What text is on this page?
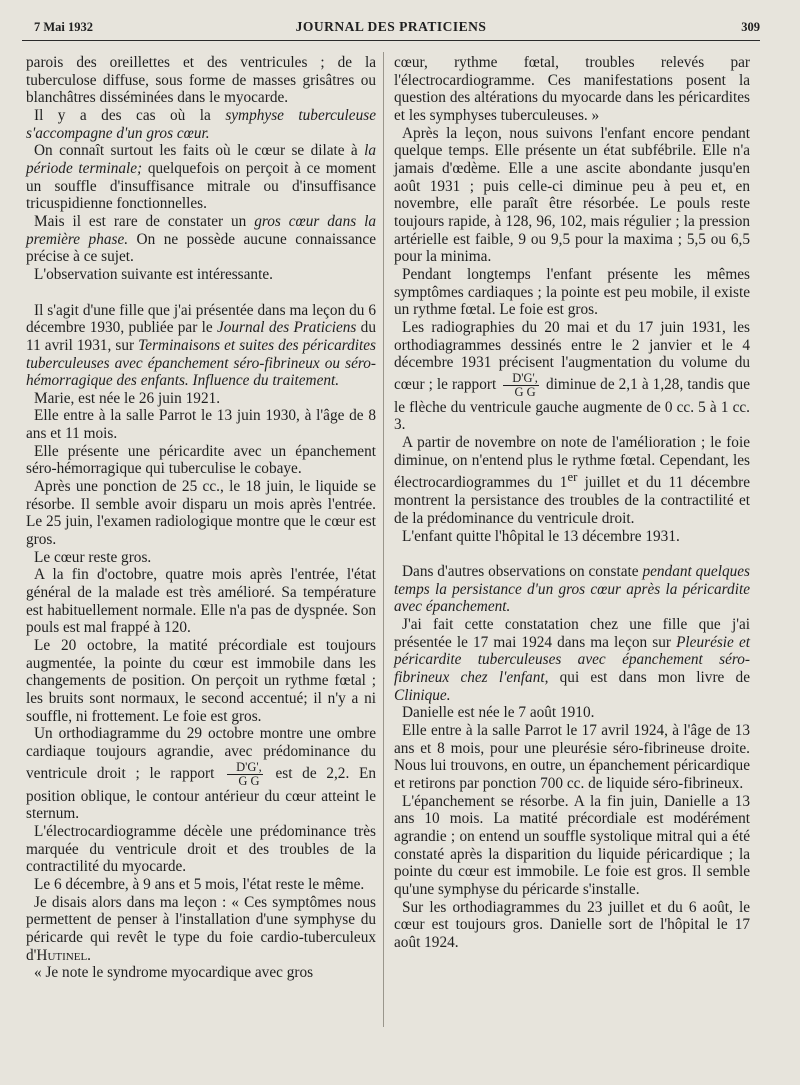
7 Mai 1932	JOURNAL DES PRATICIENS	309

parois des oreillettes et des ventricules ; de la tuberculose diffuse, sous forme de masses grisâtres ou blanchâtres disséminées dans le myocarde.

Il y a des cas où la symphyse tuberculeuse s'accompagne d'un gros cœur.

On connaît surtout les faits où le cœur se dilate à la période terminale; quelquefois on perçoit à ce moment un souffle d'insuffisance mitrale ou d'insuffisance tricuspidienne fonctionnelles.

Mais il est rare de constater un gros cœur dans la première phase. On ne possède aucune connaissance précise à ce sujet.

L'observation suivante est intéressante.

Il s'agit d'une fille que j'ai présentée dans ma leçon du 6 décembre 1930, publiée par le Journal des Praticiens du 11 avril 1931, sur Terminaisons et suites des péricardites tuberculeuses avec épanchement séro-fibrineux ou séro-hémorragique des enfants. Influence du traitement.

Marie, est née le 26 juin 1921.

Elle entre à la salle Parrot le 13 juin 1930, à l'âge de 8 ans et 11 mois.

Elle présente une péricardite avec un épanchement séro-hémorragique qui tuberculise le cobaye.

Après une ponction de 25 cc., le 18 juin, le liquide se résorbe. Il semble avoir disparu un mois après l'entrée. Le 25 juin, l'examen radiologique montre que le cœur est gros.

Le cœur reste gros.

A la fin d'octobre, quatre mois après l'entrée, l'état général de la malade est très amélioré. Sa température est habituellement normale. Elle n'a pas de dyspnée. Son pouls est mal frappé à 120.

Le 20 octobre, la matité précordiale est toujours augmentée, la pointe du cœur est immobile dans les changements de position. On perçoit un rythme fœtal ; les bruits sont normaux, le second accentué; il n'y a ni souffle, ni frottement. Le foie est gros.

Un orthodiagramme du 29 octobre montre une ombre cardiaque toujours agrandie, avec prédominance du ventricule droit ; le rapport $\frac{D'G',}{\text{G G}}$ est de 2,2. En position oblique, le contour antérieur du cœur atteint le sternum.

L'électrocardiogramme décèle une prédominance très marquée du ventricule droit et des troubles de la contractilité du myocarde.

Le 6 décembre, à 9 ans et 5 mois, l'état reste le même.

Je disais alors dans ma leçon : « Ces symptômes nous permettent de penser à l'installation d'une symphyse du péricarde qui revêt le type du foie cardio-tuberculeux d'Hutinel.

« Je note le syndrome myocardique avec gros

cœur, rythme fœtal, troubles relevés par l'électrocardiogramme. Ces manifestations posent la question des altérations du myocarde dans les péricardites et les symphyses tuberculeuses. »

Après la leçon, nous suivons l'enfant encore pendant quelque temps. Elle présente un état subfébrile. Elle n'a jamais d'œdème. Elle a une ascite abondante jusqu'en août 1931 ; puis celle-ci diminue peu à peu et, en novembre, elle paraît être résorbée. Le pouls reste toujours rapide, à 128, 96, 102, mais régulier ; la pression artérielle est faible, 9 ou 9,5 pour la maxima ; 5,5 ou 6,5 pour la minima.

Pendant longtemps l'enfant présente les mêmes symptômes cardiaques ; la pointe est peu mobile, il existe un rythme fœtal. Le foie est gros.

Les radiographies du 20 mai et du 17 juin 1931, les orthodiagrammes dessinés entre le 2 janvier et le 4 décembre 1931 précisent l'augmentation du volume du cœur ; le rapport $\frac{D'G',}{\text{G G}}$ diminue de 2,1 à 1,28, tandis que le flèche du ventricule gauche augmente de 0 cc. 5 à 1 cc. 3.

A partir de novembre on note de l'amélioration ; le foie diminue, on n'entend plus le rythme fœtal. Cependant, les électrocardiogrammes du 1er juillet et du 11 décembre montrent la persistance des troubles de la contractilité et de la prédominance du ventricule droit.

L'enfant quitte l'hôpital le 13 décembre 1931.

Dans d'autres observations on constate pendant quelques temps la persistance d'un gros cœur après la péricardite avec épanchement.

J'ai fait cette constatation chez une fille que j'ai présentée le 17 mai 1924 dans ma leçon sur Pleurésie et péricardite tuberculeuses avec épanchement séro-fibrineux chez l'enfant, qui est dans mon livre de Clinique.

Danielle est née le 7 août 1910.

Elle entre à la salle Parrot le 17 avril 1924, à l'âge de 13 ans et 8 mois, pour une pleurésie séro-fibrineuse droite. Nous lui trouvons, en outre, un épanchement péricardique et retirons par ponction 700 cc. de liquide séro-fibrineux.

L'épanchement se résorbe. A la fin juin, Danielle a 13 ans 10 mois. La matité précordiale est modérément agrandie ; on entend un souffle systolique mitral qui a été constaté après la disparition du liquide péricardique ; la pointe du cœur est immobile. Le foie est gros. Il semble qu'une symphyse du péricarde s'installe.

Sur les orthodiagrammes du 23 juillet et du 6 août, le cœur est toujours gros. Danielle sort de l'hôpital le 17 août 1924.
